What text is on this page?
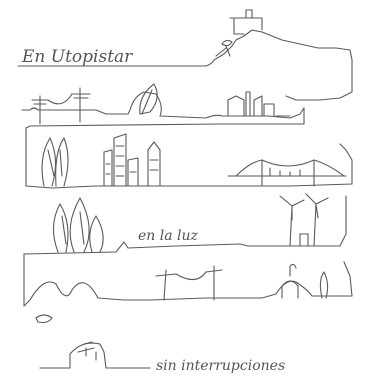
En Utopistar
en la luz
sin interrupciones
